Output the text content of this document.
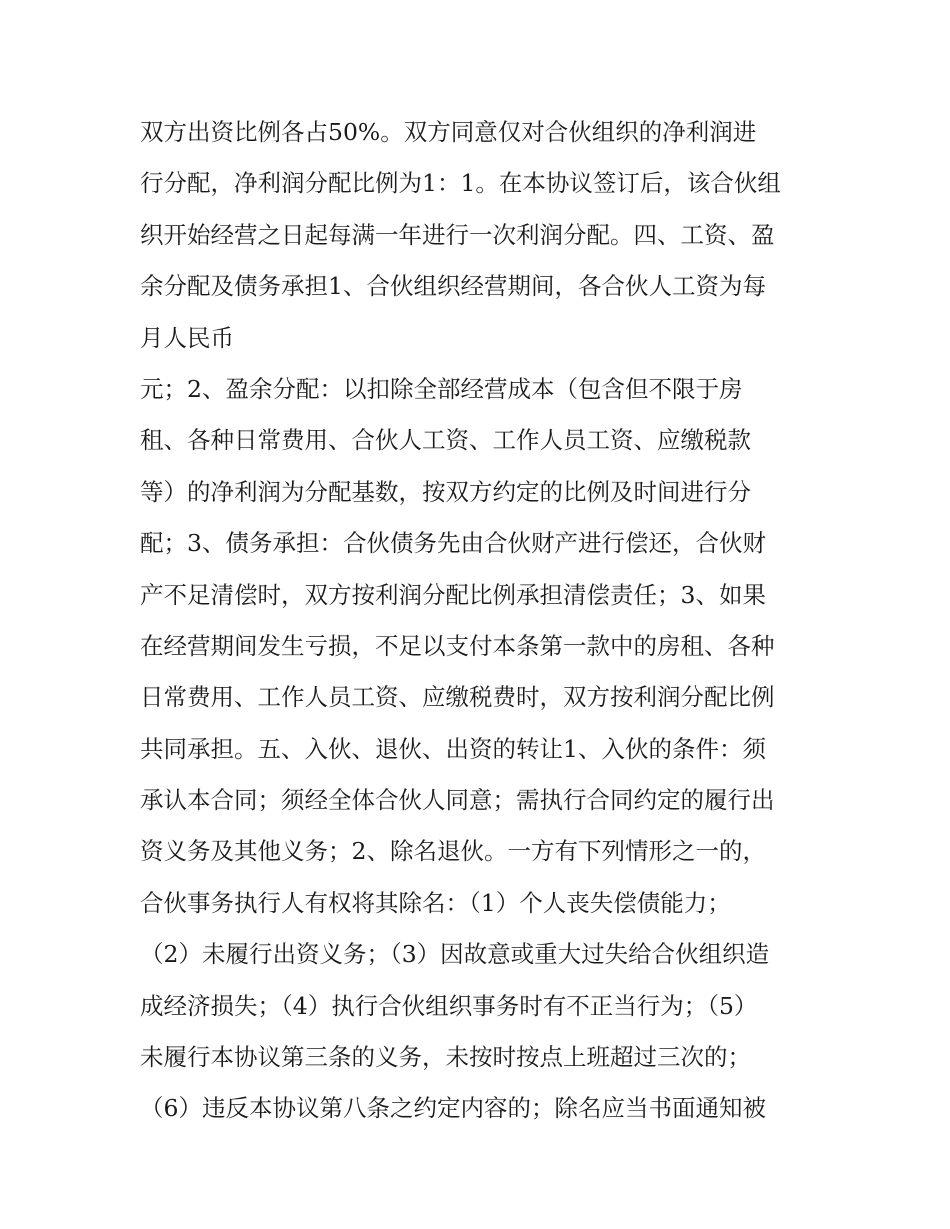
双方出资比例各占50%。双方同意仅对合伙组织的净利润进
行分配，净利润分配比例为1：1。在本协议签订后，该合伙组
织开始经营之日起每满一年进行一次利润分配。四、工资、盈
余分配及债务承担1、合伙组织经营期间，各合伙人工资为每
月人民币
元；2、盈余分配：以扣除全部经营成本（包含但不限于房
租、各种日常费用、合伙人工资、工作人员工资、应缴税款
等）的净利润为分配基数，按双方约定的比例及时间进行分
配；3、债务承担：合伙债务先由合伙财产进行偿还，合伙财
产不足清偿时，双方按利润分配比例承担清偿责任；3、如果
在经营期间发生亏损，不足以支付本条第一款中的房租、各种
日常费用、工作人员工资、应缴税费时，双方按利润分配比例
共同承担。五、入伙、退伙、出资的转让1、入伙的条件：须
承认本合同；须经全体合伙人同意；需执行合同约定的履行出
资义务及其他义务；2、除名退伙。一方有下列情形之一的，
合伙事务执行人有权将其除名：（1）个人丧失偿债能力；
（2）未履行出资义务；（3）因故意或重大过失给合伙组织造
成经济损失；（4）执行合伙组织事务时有不正当行为；（5）
未履行本协议第三条的义务，未按时按点上班超过三次的；
（6）违反本协议第八条之约定内容的；除名应当书面通知被
